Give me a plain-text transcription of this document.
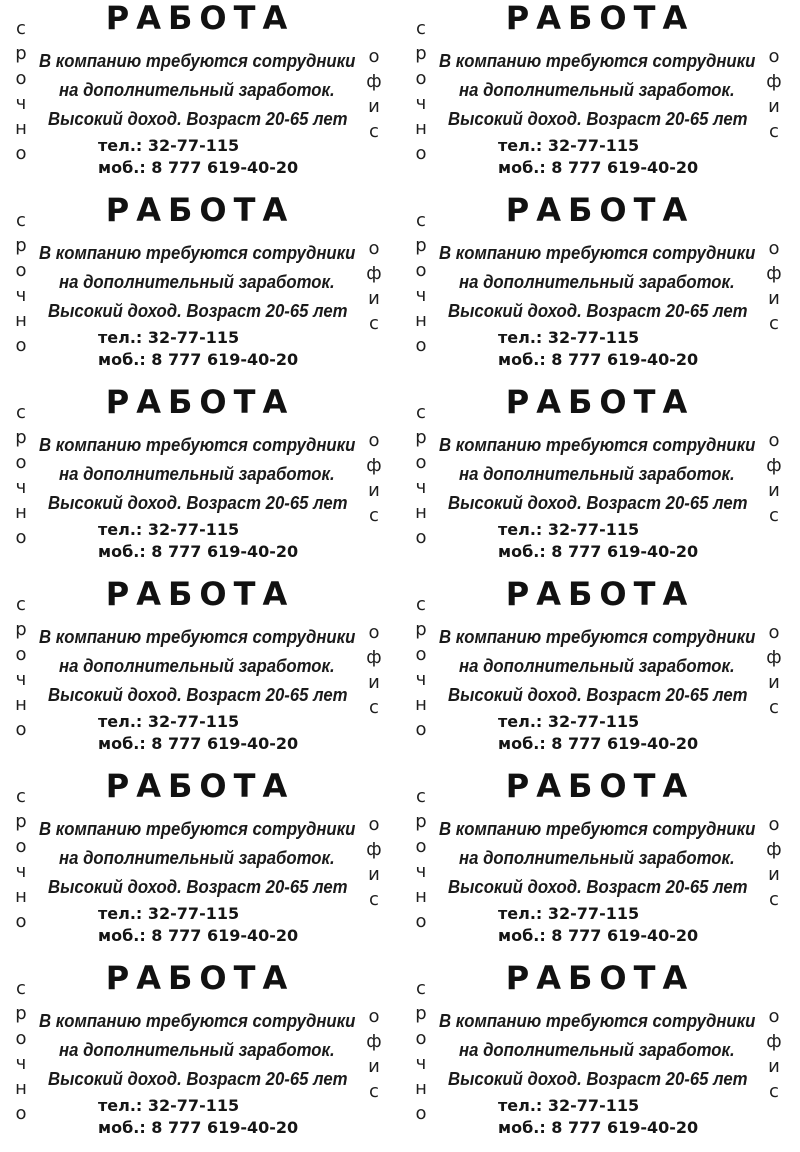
с
р
о
ч
н
о
РАБОТА
В компанию требуются сотрудники
на дополнительный заработок.
Высокий доход. Возраст 20-65 лет
тел.: 32-77-115
моб.: 8 777 619-40-20
о
ф
и
с
с
р
о
ч
н
о
РАБОТА
В компанию требуются сотрудники
на дополнительный заработок.
Высокий доход. Возраст 20-65 лет
тел.: 32-77-115
моб.: 8 777 619-40-20
о
ф
и
с
с
р
о
ч
н
о
РАБОТА
В компанию требуются сотрудники
на дополнительный заработок.
Высокий доход. Возраст 20-65 лет
тел.: 32-77-115
моб.: 8 777 619-40-20
о
ф
и
с
с
р
о
ч
н
о
РАБОТА
В компанию требуются сотрудники
на дополнительный заработок.
Высокий доход. Возраст 20-65 лет
тел.: 32-77-115
моб.: 8 777 619-40-20
о
ф
и
с
с
р
о
ч
н
о
РАБОТА
В компанию требуются сотрудники
на дополнительный заработок.
Высокий доход. Возраст 20-65 лет
тел.: 32-77-115
моб.: 8 777 619-40-20
о
ф
и
с
с
р
о
ч
н
о
РАБОТА
В компанию требуются сотрудники
на дополнительный заработок.
Высокий доход. Возраст 20-65 лет
тел.: 32-77-115
моб.: 8 777 619-40-20
о
ф
и
с
с
р
о
ч
н
о
РАБОТА
В компанию требуются сотрудники
на дополнительный заработок.
Высокий доход. Возраст 20-65 лет
тел.: 32-77-115
моб.: 8 777 619-40-20
о
ф
и
с
с
р
о
ч
н
о
РАБОТА
В компанию требуются сотрудники
на дополнительный заработок.
Высокий доход. Возраст 20-65 лет
тел.: 32-77-115
моб.: 8 777 619-40-20
о
ф
и
с
с
р
о
ч
н
о
РАБОТА
В компанию требуются сотрудники
на дополнительный заработок.
Высокий доход. Возраст 20-65 лет
тел.: 32-77-115
моб.: 8 777 619-40-20
о
ф
и
с
с
р
о
ч
н
о
РАБОТА
В компанию требуются сотрудники
на дополнительный заработок.
Высокий доход. Возраст 20-65 лет
тел.: 32-77-115
моб.: 8 777 619-40-20
о
ф
и
с
с
р
о
ч
н
о
РАБОТА
В компанию требуются сотрудники
на дополнительный заработок.
Высокий доход. Возраст 20-65 лет
тел.: 32-77-115
моб.: 8 777 619-40-20
о
ф
и
с
с
р
о
ч
н
о
РАБОТА
В компанию требуются сотрудники
на дополнительный заработок.
Высокий доход. Возраст 20-65 лет
тел.: 32-77-115
моб.: 8 777 619-40-20
о
ф
и
с
